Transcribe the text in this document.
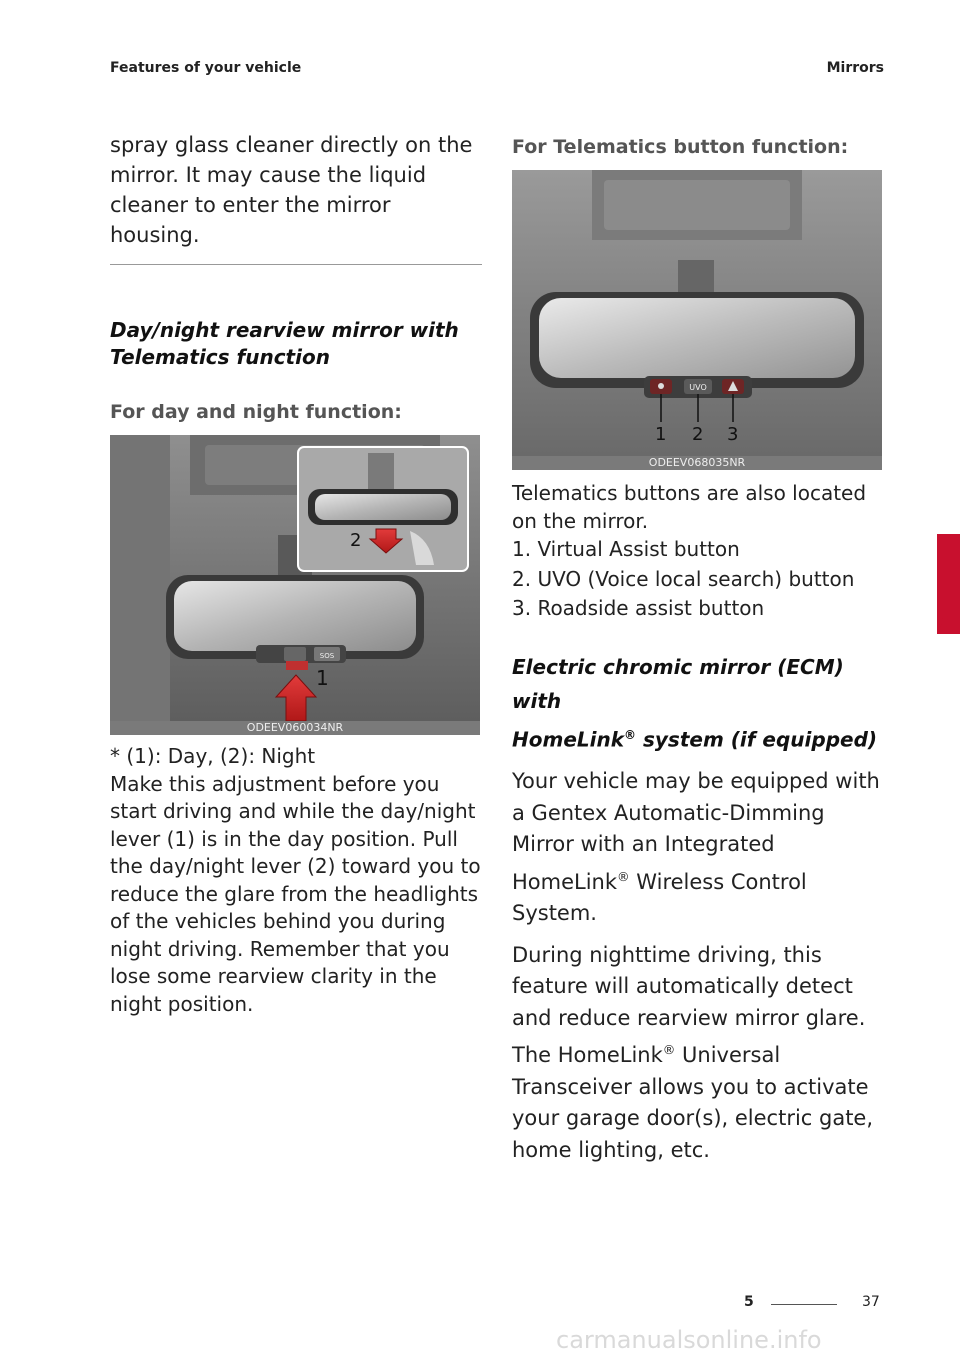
Features of your vehicle	Mirrors

spray glass cleaner directly on the mirror. It may cause the liquid cleaner to enter the mirror housing.

Day/night rearview mirror with Telematics function
For day and night function:
SOS
1
2
ODEEV060034NR

* (1): Day, (2): Night

Make this adjustment before you start driving and while the day/night lever (1) is in the day position. Pull the day/night lever (2) toward you to reduce the glare from the headlights of the vehicles behind you during night driving. Remember that you lose some rearview clarity in the night position.

For Telematics button function:
UVO
1 2 3
ODEEV068035NR

Telematics buttons are also located on the mirror.

1. Virtual Assist button
2. UVO (Voice local search) button
3. Roadside assist button
Electric chromic mirror (ECM) with
HomeLink® system (if equipped)

Your vehicle may be equipped with a Gentex Automatic-Dimming Mirror with an Integrated HomeLink® Wireless Control System.

During nighttime driving, this feature will automatically detect and reduce rearview mirror glare. The HomeLink® Universal Transceiver allows you to activate your garage door(s), electric gate, home lighting, etc.

5
5	37
carmanualsonline.info
